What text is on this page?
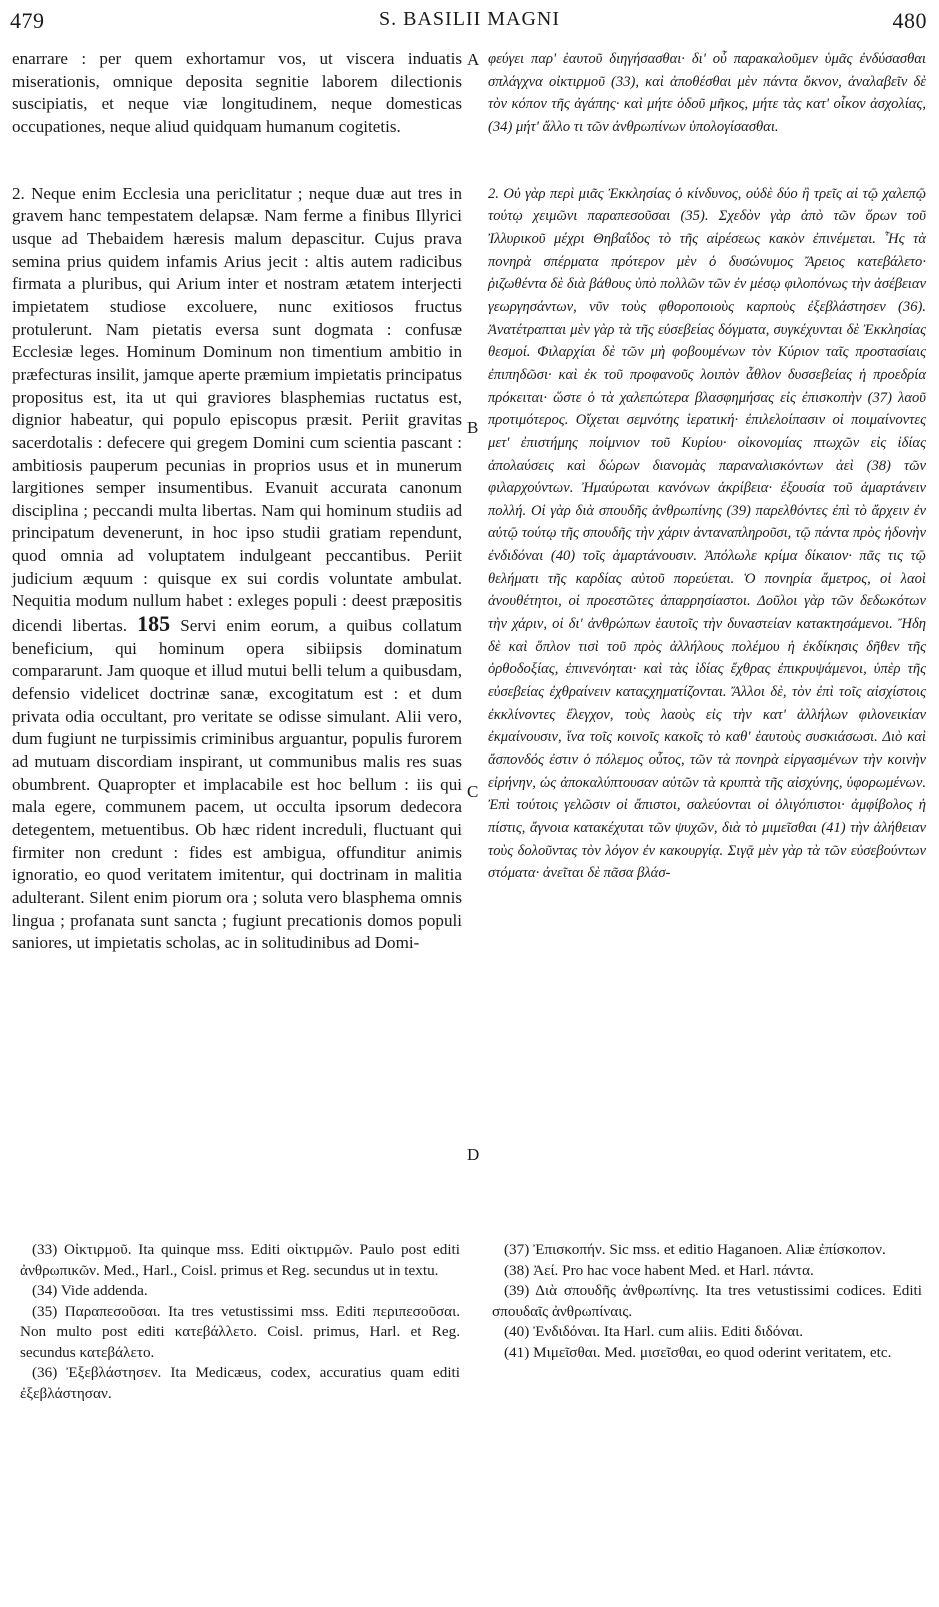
479	S. BASILII MAGNI	480
A
B
C
D

enarrare : per quem exhortamur vos, ut viscera induatis miserationis, omnique deposita segnitie laborem dilectionis suscipiatis, et neque viæ longitudinem, neque domesticas occupationes, neque aliud quidquam humanum cogitetis.

2. Neque enim Ecclesia una periclitatur ; neque duæ aut tres in gravem hanc tempestatem delapsæ. Nam ferme a finibus Illyrici usque ad Thebaidem hæresis malum depascitur. Cujus prava semina prius quidem infamis Arius jecit : altis autem radicibus firmata a pluribus, qui Arium inter et nostram ætatem interjecti impietatem studiose excoluere, nunc exitiosos fructus protulerunt. Nam pietatis eversa sunt dogmata : confusæ Ecclesiæ leges. Hominum Dominum non timentium ambitio in præfecturas insilit, jamque aperte præmium impietatis principatus propositus est, ita ut qui graviores blasphemias ructatus est, dignior habeatur, qui populo episcopus præsit. Periit gravitas sacerdotalis : defecere qui gregem Domini cum scientia pascant : ambitiosis pauperum pecunias in proprios usus et in munerum largitiones semper insumentibus. Evanuit accurata canonum disciplina ; peccandi multa libertas. Nam qui hominum studiis ad principatum devenerunt, in hoc ipso studii gratiam rependunt, quod omnia ad voluptatem indulgeant peccantibus. Periit judicium æquum : quisque ex sui cordis voluntate ambulat. Nequitia modum nullum habet : exleges populi : deest præpositis dicendi libertas. 185 Servi enim eorum, a quibus collatum beneficium, qui hominum opera sibiipsis dominatum compararunt. Jam quoque et illud mutui belli telum a quibusdam, defensio videlicet doctrinæ sanæ, excogitatum est : et dum privata odia occultant, pro veritate se odisse simulant. Alii vero, dum fugiunt ne turpissimis criminibus arguantur, populis furorem ad mutuam discordiam inspirant, ut communibus malis res suas obumbrent. Quapropter et implacabile est hoc bellum : iis qui mala egere, communem pacem, ut occulta ipsorum dedecora detegentem, metuentibus. Ob hæc rident increduli, fluctuant qui firmiter non credunt : fides est ambigua, offunditur animis ignoratio, eo quod veritatem imitentur, qui doctrinam in malitia adulterant. Silent enim piorum ora ; soluta vero blasphema omnis lingua ; profanata sunt sancta ; fugiunt precationis domos populi saniores, ut impietatis scholas, ac in solitudinibus ad Domi-

φεύγει παρ' ἑαυτοῦ διηγήσασθαι· δι' οὗ παρακαλοῦμεν ὑμᾶς ἐνδύσασθαι σπλάγχνα οἰκτιρμοῦ (33), καὶ ἀποθέσθαι μὲν πάντα ὄκνον, ἀναλαβεῖν δὲ τὸν κόπον τῆς ἀγάπης· καὶ μήτε ὁδοῦ μῆκος, μήτε τὰς κατ' οἶκον ἀσχολίας, (34) μήτ' ἄλλο τι τῶν ἀνθρωπίνων ὑπολογίσασθαι.

2. Οὐ γὰρ περὶ μιᾶς Ἐκκλησίας ὁ κίνδυνος, οὐδὲ δύο ἢ τρεῖς αἱ τῷ χαλεπῷ τούτῳ χειμῶνι παραπεσοῦσαι (35). Σχεδὸν γὰρ ἀπὸ τῶν ὅρων τοῦ Ἰλλυρικοῦ μέχρι Θηβαΐδος τὸ τῆς αἱρέσεως κακὸν ἐπινέμεται. Ἧς τὰ πονηρὰ σπέρματα πρότερον μὲν ὁ δυσώνυμος Ἄρειος κατεβάλετο· ῥιζωθέντα δὲ διὰ βάθους ὑπὸ πολλῶν τῶν ἐν μέσῳ φιλοπόνως τὴν ἀσέβειαν γεωργησάντων, νῦν τοὺς φθοροποιοὺς καρποὺς ἐξεβλάστησεν (36). Ἀνατέτραπται μὲν γὰρ τὰ τῆς εὐσεβείας δόγματα, συγκέχυνται δὲ Ἐκκλησίας θεσμοί. Φιλαρχίαι δὲ τῶν μὴ φοβουμένων τὸν Κύριον ταῖς προστασίαις ἐπιπηδῶσι· καὶ ἐκ τοῦ προφανοῦς λοιπὸν ἆθλον δυσσεβείας ἡ προεδρία πρόκειται· ὥστε ὁ τὰ χαλεπώτερα βλασφημήσας εἰς ἐπισκοπὴν (37) λαοῦ προτιμότερος. Οἴχεται σεμνότης ἱερατική· ἐπιλελοίπασιν οἱ ποιμαίνοντες μετ' ἐπιστήμης ποίμνιον τοῦ Κυρίου· οἰκονομίας πτωχῶν εἰς ἰδίας ἀπολαύσεις καὶ δώρων διανομὰς παραναλισκόντων ἀεὶ (38) τῶν φιλαρχούντων. Ἠμαύρωται κανόνων ἀκρίβεια· ἐξουσία τοῦ ἁμαρτάνειν πολλή. Οἱ γὰρ διὰ σπουδῆς ἀνθρωπίνης (39) παρελθόντες ἐπὶ τὸ ἄρχειν ἐν αὐτῷ τούτῳ τῆς σπουδῆς τὴν χάριν ἀνταναπληροῦσι, τῷ πάντα πρὸς ἡδονὴν ἐνδιδόναι (40) τοῖς ἁμαρτάνουσιν. Ἀπόλωλε κρίμα δίκαιον· πᾶς τις τῷ θελήματι τῆς καρδίας αὐτοῦ πορεύεται. Ὁ πονηρία ἄμετρος, οἱ λαοὶ ἀνουθέτητοι, οἱ προεστῶτες ἀπαρρησίαστοι. Δοῦλοι γὰρ τῶν δεδωκότων τὴν χάριν, οἱ δι' ἀνθρώπων ἑαυτοῖς τὴν δυναστείαν κατακτησάμενοι. Ἤδη δὲ καὶ ὅπλον τισὶ τοῦ πρὸς ἀλλήλους πολέμου ἡ ἐκδίκησις δῆθεν τῆς ὀρθοδοξίας, ἐπινενόηται· καὶ τὰς ἰδίας ἔχθρας ἐπικρυψάμενοι, ὑπὲρ τῆς εὐσεβείας ἐχθραίνειν καταςχηματίζονται. Ἄλλοι δὲ, τὸν ἐπὶ τοῖς αἰσχίστοις ἐκκλίνοντες ἔλεγχον, τοὺς λαοὺς εἰς τὴν κατ' ἀλλήλων φιλονεικίαν ἐκμαίνουσιν, ἵνα τοῖς κοινοῖς κακοῖς τὸ καθ' ἑαυτοὺς συσκιάσωσι. Διὸ καὶ ἄσπονδός ἐστιν ὁ πόλεμος οὗτος, τῶν τὰ πονηρὰ εἰργασμένων τὴν κοινὴν εἰρήνην, ὡς ἀποκαλύπτουσαν αὐτῶν τὰ κρυπτὰ τῆς αἰσχύνης, ὑφορωμένων. Ἐπὶ τούτοις γελῶσιν οἱ ἄπιστοι, σαλεύονται οἱ ὀλιγόπιστοι· ἀμφίβολος ἡ πίστις, ἄγνοια κατακέχυται τῶν ψυχῶν, διὰ τὸ μιμεῖσθαι (41) τὴν ἀλήθειαν τοὺς δολοῦντας τὸν λόγον ἐν κακουργίᾳ. Σιγᾷ μὲν γὰρ τὰ τῶν εὐσεβούντων στόματα· ἀνεῖται δὲ πᾶσα βλάσ-

(33) Οἰκτιρμοῦ. Ita quinque mss. Editi οἰκτιρμῶν. Paulo post editi ἀνθρωπικῶν. Med., Harl., Coisl. primus et Reg. secundus ut in textu.

(34) Vide addenda.

(35) Παραπεσοῦσαι. Ita tres vetustissimi mss. Editi περιπεσοῦσαι. Non multo post editi κατεβάλλετο. Coisl. primus, Harl. et Reg. secundus κατεβάλετο.

(36) Ἐξεβλάστησεν. Ita Medicæus, codex, accuratius quam editi ἐξεβλάστησαν.

(37) Ἐπισκοπήν. Sic mss. et editio Haganoen. Aliæ ἐπίσκοπον.

(38) Ἀεί. Pro hac voce habent Med. et Harl. πάντα.

(39) Διὰ σπουδῆς ἀνθρωπίνης. Ita tres vetustissimi codices. Editi σπουδαῖς ἀνθρωπίναις.

(40) Ἐνδιδόναι. Ita Harl. cum aliis. Editi διδόναι.

(41) Μιμεῖσθαι. Med. μισεῖσθαι, eo quod oderint veritatem, etc.
